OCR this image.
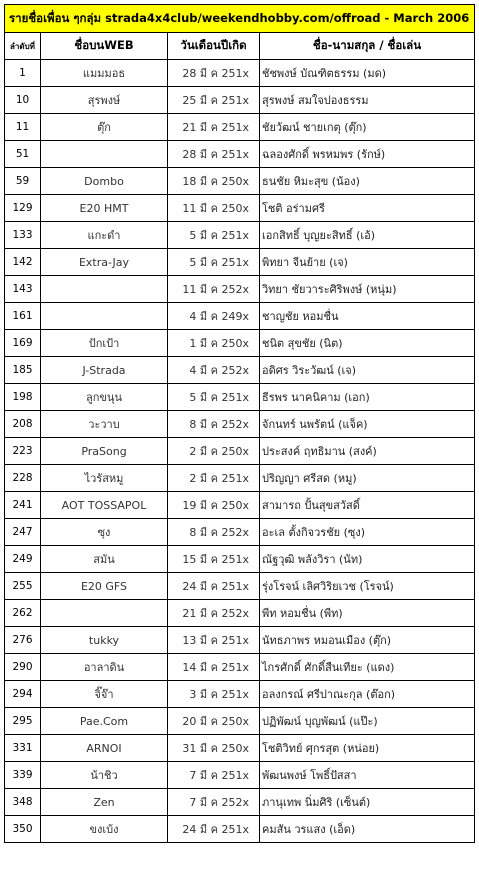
รายชื่อเพื่อน ๆกลุ่ม strada4x4club/weekendhobby.com/offroad - March 2006			
ลำดับที่	ชื่อบนWEB	วันเดือนปีเกิด	ชื่อ-นามสกุล / ชื่อเล่น
1	แมมมอธ	28 มี ค 251x	ชัชพงษ์ บัณฑิตธรรม (มด)
10	สุรพงษ์	25 มี ค 251x	สุรพงษ์ สมใจปองธรรม
11	ตุ๊ก	21 มี ค 251x	ชัยวัฒน์ ชายเกตุ (ตุ๊ก)
51		28 มี ค 251x	ฉลองศักดิ์ พรหมพร (รักษ์)
59	Dombo	18 มี ค 250x	ธนชัย หิมะสุข (น้อง)
129	E20 HMT	11 มี ค 250x	โชติ อร่ามศรี
133	แกะดำ	5 มี ค 251x	เอกสิทธิ์ บุญยะสิทธิ์ (เอ้)
142	Extra-Jay	5 มี ค 251x	พิทยา จีนย้าย (เจ)
143		11 มี ค 252x	วิทยา ชัยวาระศิริพงษ์ (หนุ่ม)
161		4 มี ค 249x	ชาญชัย หอมชื่น
169	ปักเป้า	1 มี ค 250x	ชนิต สุขชัย (นิต)
185	J-Strada	4 มี ค 252x	อดิศร วิระวัฒน์ (เจ)
198	ลูกขนุน	5 มี ค 251x	ธีรพร นาคนิคาม (เอก)
208	วะวาบ	8 มี ค 252x	จักนทร์ นพรัตน์ (แจ็ค)
223	PraSong	2 มี ค 250x	ประสงค์ ฤทธิมาน (สงค์)
228	ไวรัสหมู	2 มี ค 251x	ปริญญา ศรีสด (หมู)
241	AOT TOSSAPOL	19 มี ค 250x	สามารถ ปั้นสุขสวัสดิ์
247	ซุง	8 มี ค 252x	อะเล ตั้งกิจวรชัย (ซุง)
249	สมัน	15 มี ค 251x	ณัฐวุฒิ พลังวิรา (นัท)
255	E20 GFS	24 มี ค 251x	รุ่งโรจน์ เลิศวิริยเวช (โรจน์)
262		21 มี ค 252x	พีท หอมชื่น (พีท)
276	tukky	13 มี ค 251x	นัทธภาพร หมอนเมือง (ตุ๊ก)
290	อาลาดิน	14 มี ค 251x	ไกรศักดิ์ ศักดิ์สืนเทียะ (แดง)
294	จิ๊จ๊า	3 มี ค 251x	อลงกรณ์ ศรีปาณะกุล (ต๊อก)
295	Pae.Com	20 มี ค 250x	ปฏิพัฒน์ บุญพัฒน์ (แป๊ะ)
331	ARNOI	31 มี ค 250x	โชติวิทย์ ศุกรสุต (หน่อย)
339	น้าชิว	7 มี ค 251x	พัฒนพงษ์ โพธิ์ปัสสา
348	Zen	7 มี ค 252x	ภานุเทพ นิ่มศิริ (เซ็นต์)
350	ขงเบ้ง	24 มี ค 251x	คมสัน วรแสง (เอ็ด)
